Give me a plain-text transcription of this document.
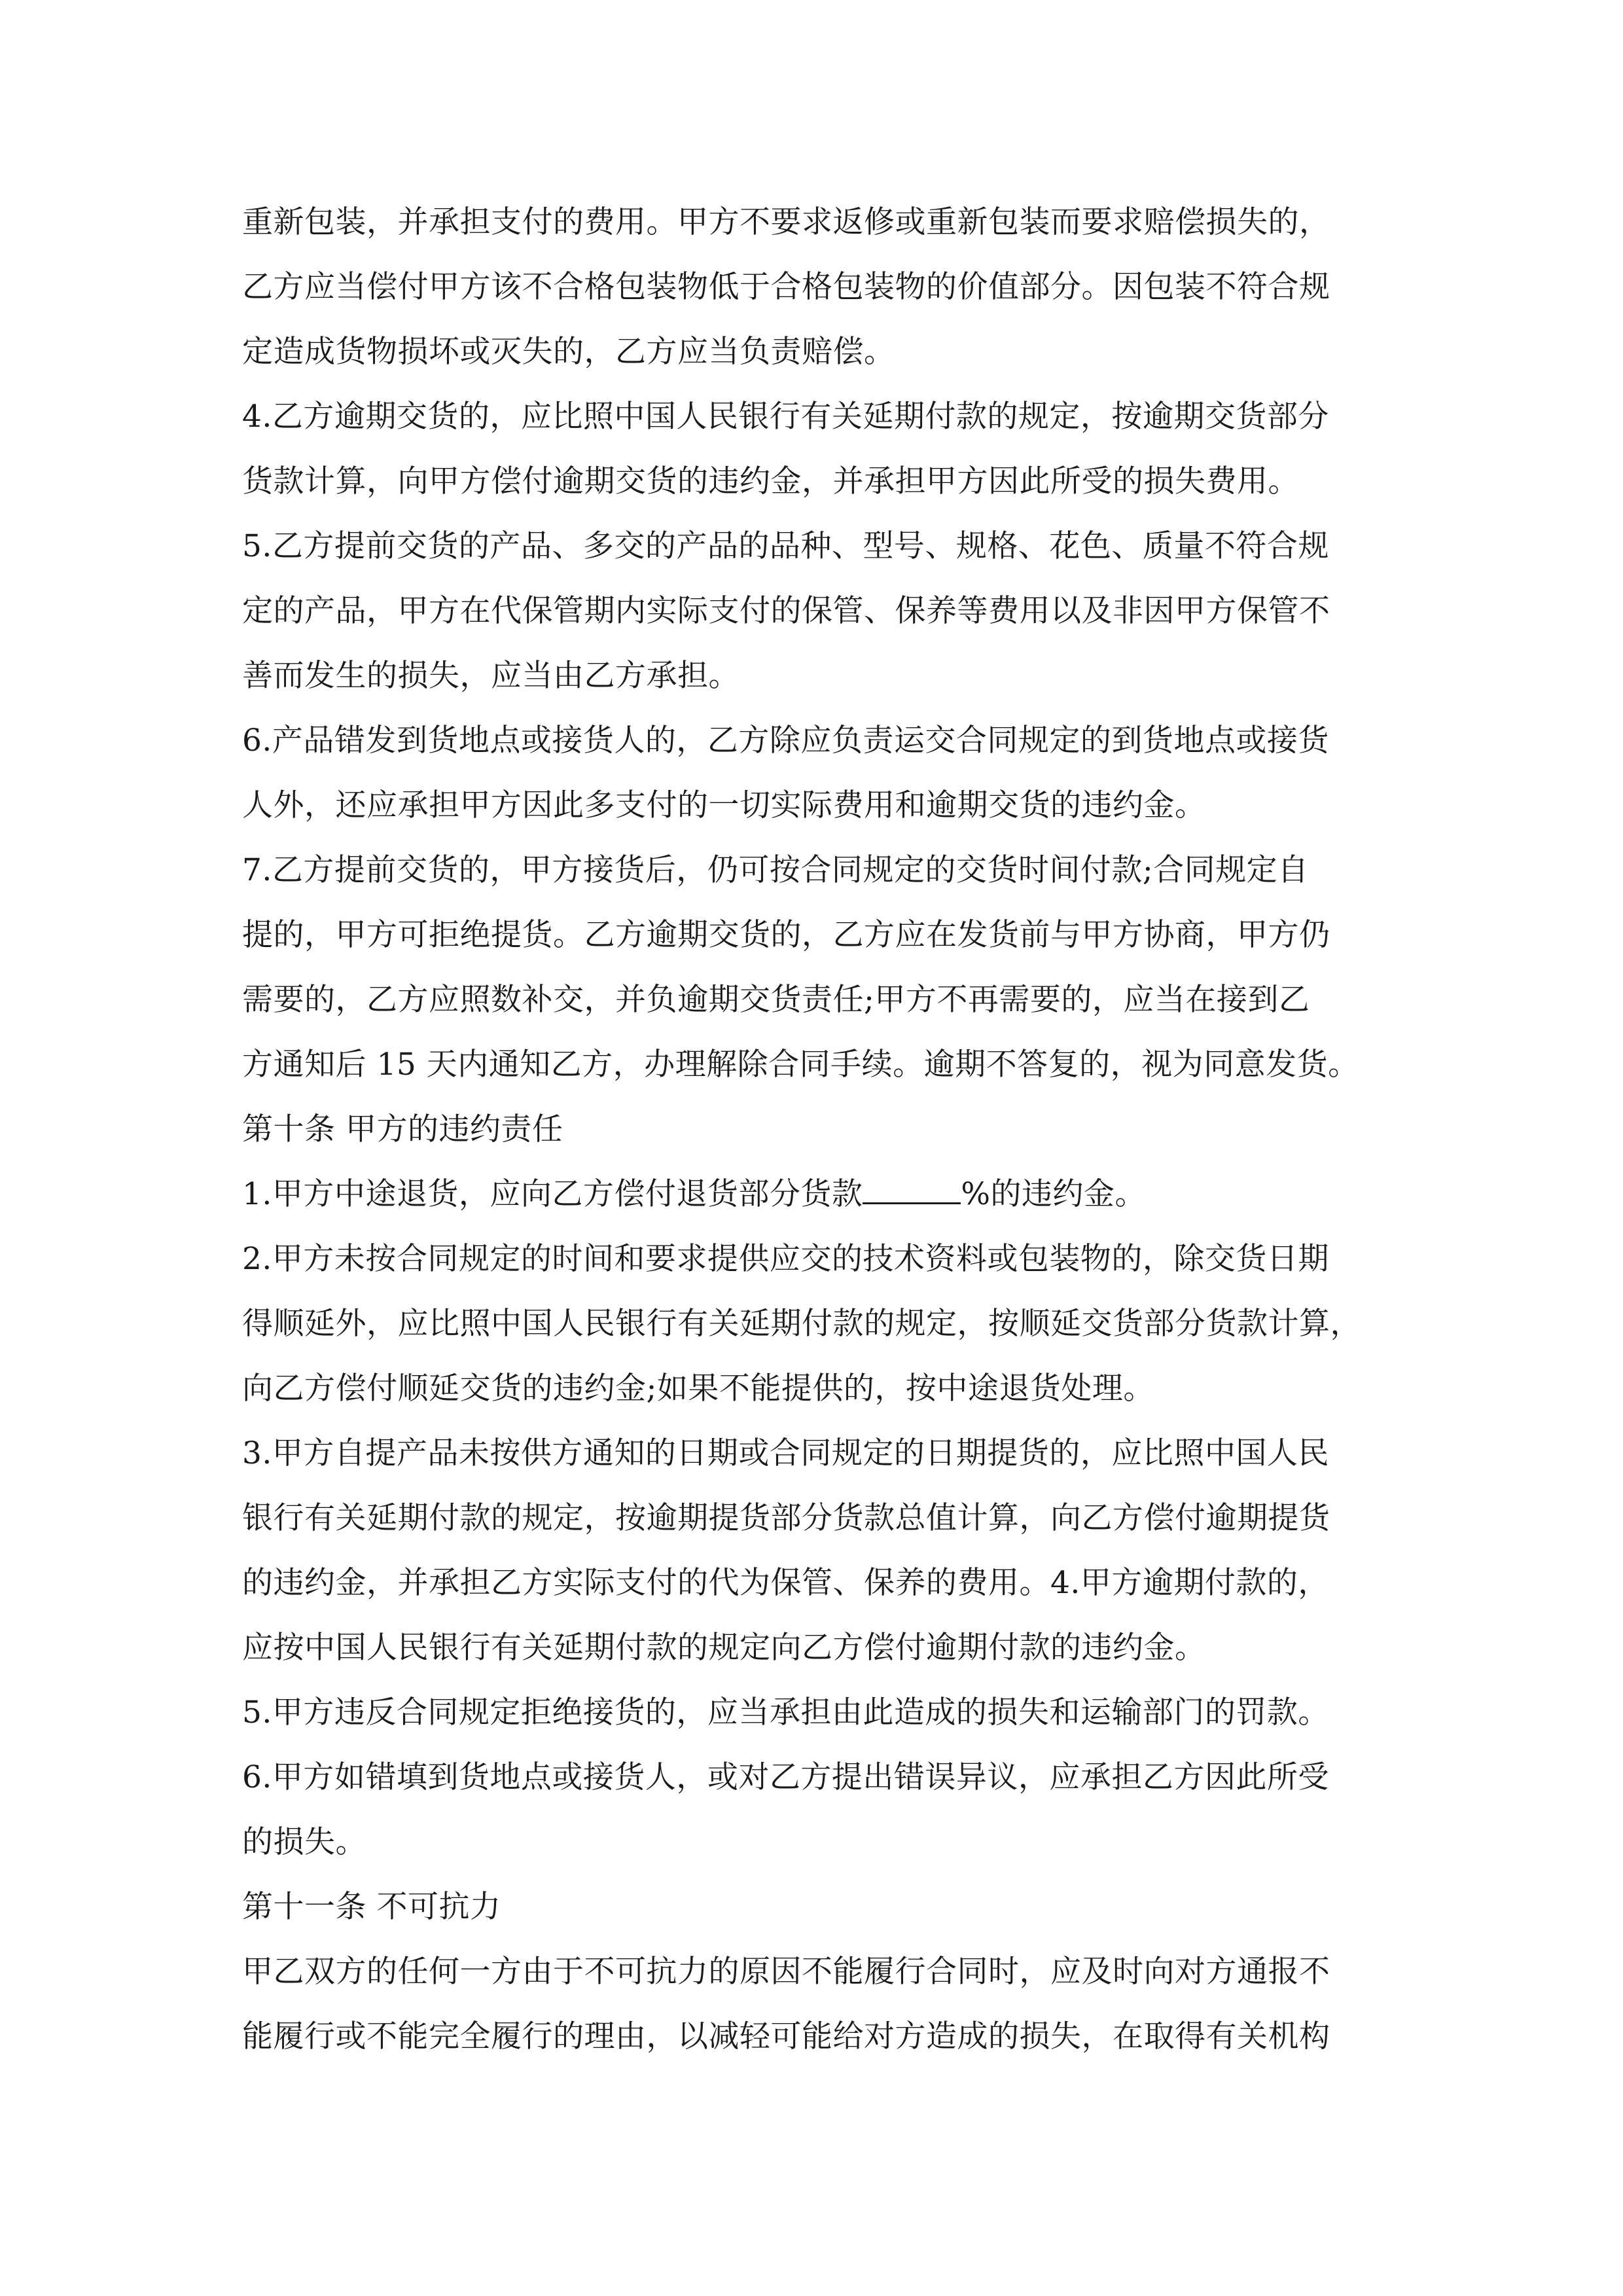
重新包装，并承担支付的费用。甲方不要求返修或重新包装而要求赔偿损失的，
乙方应当偿付甲方该不合格包装物低于合格包装物的价值部分。因包装不符合规
定造成货物损坏或灭失的，乙方应当负责赔偿。
4.乙方逾期交货的，应比照中国人民银行有关延期付款的规定，按逾期交货部分
货款计算，向甲方偿付逾期交货的违约金，并承担甲方因此所受的损失费用。
5.乙方提前交货的产品、多交的产品的品种、型号、规格、花色、质量不符合规
定的产品，甲方在代保管期内实际支付的保管、保养等费用以及非因甲方保管不
善而发生的损失，应当由乙方承担。
6.产品错发到货地点或接货人的，乙方除应负责运交合同规定的到货地点或接货
人外，还应承担甲方因此多支付的一切实际费用和逾期交货的违约金。
7.乙方提前交货的，甲方接货后，仍可按合同规定的交货时间付款;合同规定自
提的，甲方可拒绝提货。乙方逾期交货的，乙方应在发货前与甲方协商，甲方仍
需要的，乙方应照数补交，并负逾期交货责任;甲方不再需要的，应当在接到乙
方通知后 15 天内通知乙方，办理解除合同手续。逾期不答复的，视为同意发货。
第十条 甲方的违约责任
1.甲方中途退货，应向乙方偿付退货部分货款	%的违约金。
2.甲方未按合同规定的时间和要求提供应交的技术资料或包装物的，除交货日期
得顺延外，应比照中国人民银行有关延期付款的规定，按顺延交货部分货款计算，
向乙方偿付顺延交货的违约金;如果不能提供的，按中途退货处理。
3.甲方自提产品未按供方通知的日期或合同规定的日期提货的，应比照中国人民
银行有关延期付款的规定，按逾期提货部分货款总值计算，向乙方偿付逾期提货
的违约金，并承担乙方实际支付的代为保管、保养的费用。4.甲方逾期付款的，
应按中国人民银行有关延期付款的规定向乙方偿付逾期付款的违约金。
5.甲方违反合同规定拒绝接货的，应当承担由此造成的损失和运输部门的罚款。
6.甲方如错填到货地点或接货人，或对乙方提出错误异议，应承担乙方因此所受
的损失。
第十一条 不可抗力
甲乙双方的任何一方由于不可抗力的原因不能履行合同时，应及时向对方通报不
能履行或不能完全履行的理由，以减轻可能给对方造成的损失，在取得有关机构
